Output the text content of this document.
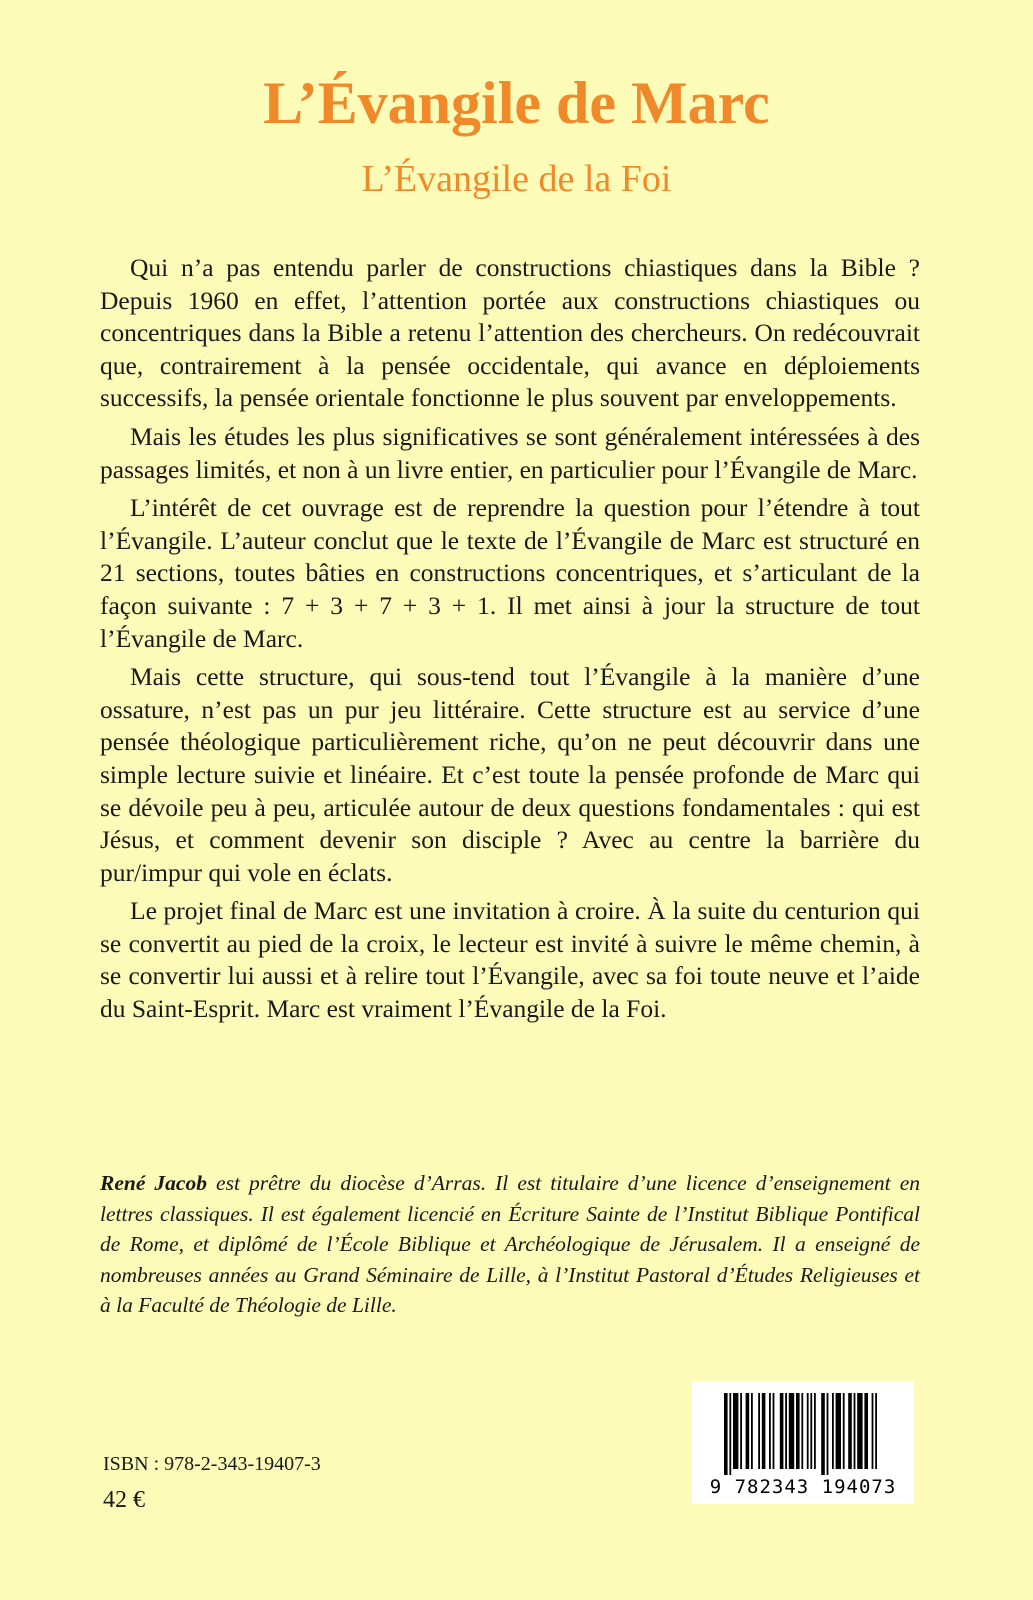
L’Évangile de Marc
L’Évangile de la Foi

Qui n’a pas entendu parler de constructions chiastiques dans la Bible ? Depuis 1960 en effet, l’attention portée aux constructions chiastiques ou concentriques dans la Bible a retenu l’attention des chercheurs. On redécouvrait que, contrairement à la pensée occidentale, qui avance en déploiements successifs, la pensée orientale fonctionne le plus souvent par enveloppements.

Mais les études les plus significatives se sont généralement intéressées à des passages limités, et non à un livre entier, en particulier pour l’Évangile de Marc.

L’intérêt de cet ouvrage est de reprendre la question pour l’étendre à tout l’Évangile. L’auteur conclut que le texte de l’Évangile de Marc est structuré en 21 sections, toutes bâties en constructions concentriques, et s’articulant de la façon suivante : 7 + 3 + 7 + 3 + 1. Il met ainsi à jour la structure de tout l’Évangile de Marc.

Mais cette structure, qui sous-tend tout l’Évangile à la manière d’une ossature, n’est pas un pur jeu littéraire. Cette structure est au service d’une pensée théologique particulièrement riche, qu’on ne peut découvrir dans une simple lecture suivie et linéaire. Et c’est toute la pensée profonde de Marc qui se dévoile peu à peu, articulée autour de deux questions fondamentales : qui est Jésus, et comment devenir son disciple ? Avec au centre la barrière du pur/impur qui vole en éclats.

Le projet final de Marc est une invitation à croire. À la suite du centurion qui se convertit au pied de la croix, le lecteur est invité à suivre le même chemin, à se convertir lui aussi et à relire tout l’Évangile, avec sa foi toute neuve et l’aide du Saint-Esprit. Marc est vraiment l’Évangile de la Foi.

René Jacob est prêtre du diocèse d’Arras. Il est titulaire d’une licence d’enseignement en lettres classiques. Il est également licencié en Écriture Sainte de l’Institut Biblique Pontifical de Rome, et diplômé de l’École Biblique et Archéologique de Jérusalem. Il a enseigné de nombreuses années au Grand Séminaire de Lille, à l’Institut Pastoral d’Études Religieuses et à la Faculté de Théologie de Lille.

ISBN : 978-2-343-19407-3
42 €	9 782343 194073
